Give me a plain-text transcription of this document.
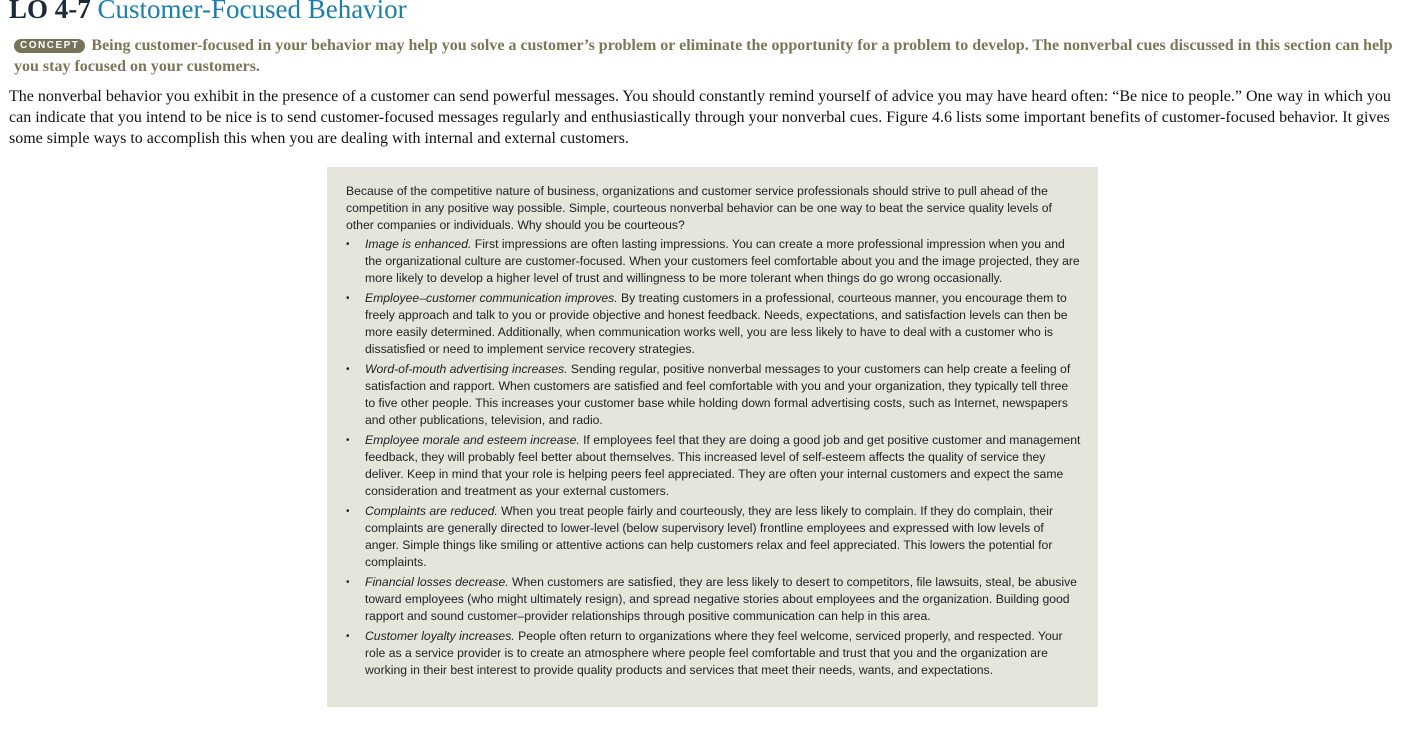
LO 4-7 Customer-Focused Behavior

CONCEPT Being customer-focused in your behavior may help you solve a customer’s problem or eliminate the opportunity for a problem to develop. The nonverbal cues discussed in this section can help you stay focused on your customers.

The nonverbal behavior you exhibit in the presence of a customer can send powerful messages. You should constantly remind yourself of advice you may have heard often: “Be nice to people.” One way in which you can indicate that you intend to be nice is to send customer-focused messages regularly and enthusiastically through your nonverbal cues. Figure 4.6 lists some important benefits of customer-focused behavior. It gives some simple ways to accomplish this when you are dealing with internal and external customers.

Because of the competitive nature of business, organizations and customer service professionals should strive to pull ahead of the competition in any positive way possible. Simple, courteous nonverbal behavior can be one way to beat the service quality levels of other companies or individuals. Why should you be courteous?

• Image is enhanced. First impressions are often lasting impressions. You can create a more professional impression when you and the organizational culture are customer-focused. When your customers feel comfortable about you and the image projected, they are more likely to develop a higher level of trust and willingness to be more tolerant when things do go wrong occasionally.
• Employee–customer communication improves. By treating customers in a professional, courteous manner, you encourage them to freely approach and talk to you or provide objective and honest feedback. Needs, expectations, and satisfaction levels can then be more easily determined. Additionally, when communication works well, you are less likely to have to deal with a customer who is dissatisfied or need to implement service recovery strategies.
• Word-of-mouth advertising increases. Sending regular, positive nonverbal messages to your customers can help create a feeling of satisfaction and rapport. When customers are satisfied and feel comfortable with you and your organization, they typically tell three to five other people. This increases your customer base while holding down formal advertising costs, such as Internet, newspapers and other publications, television, and radio.
• Employee morale and esteem increase. If employees feel that they are doing a good job and get positive customer and management feedback, they will probably feel better about themselves. This increased level of self-esteem affects the quality of service they deliver. Keep in mind that your role is helping peers feel appreciated. They are often your internal customers and expect the same consideration and treatment as your external customers.
• Complaints are reduced. When you treat people fairly and courteously, they are less likely to complain. If they do complain, their complaints are generally directed to lower-level (below supervisory level) frontline employees and expressed with low levels of anger. Simple things like smiling or attentive actions can help customers relax and feel appreciated. This lowers the potential for complaints.
• Financial losses decrease. When customers are satisfied, they are less likely to desert to competitors, file lawsuits, steal, be abusive toward employees (who might ultimately resign), and spread negative stories about employees and the organization. Building good rapport and sound customer–provider relationships through positive communication can help in this area.
• Customer loyalty increases. People often return to organizations where they feel welcome, serviced properly, and respected. Your role as a service provider is to create an atmosphere where people feel comfortable and trust that you and the organization are working in their best interest to provide quality products and services that meet their needs, wants, and expectations.
